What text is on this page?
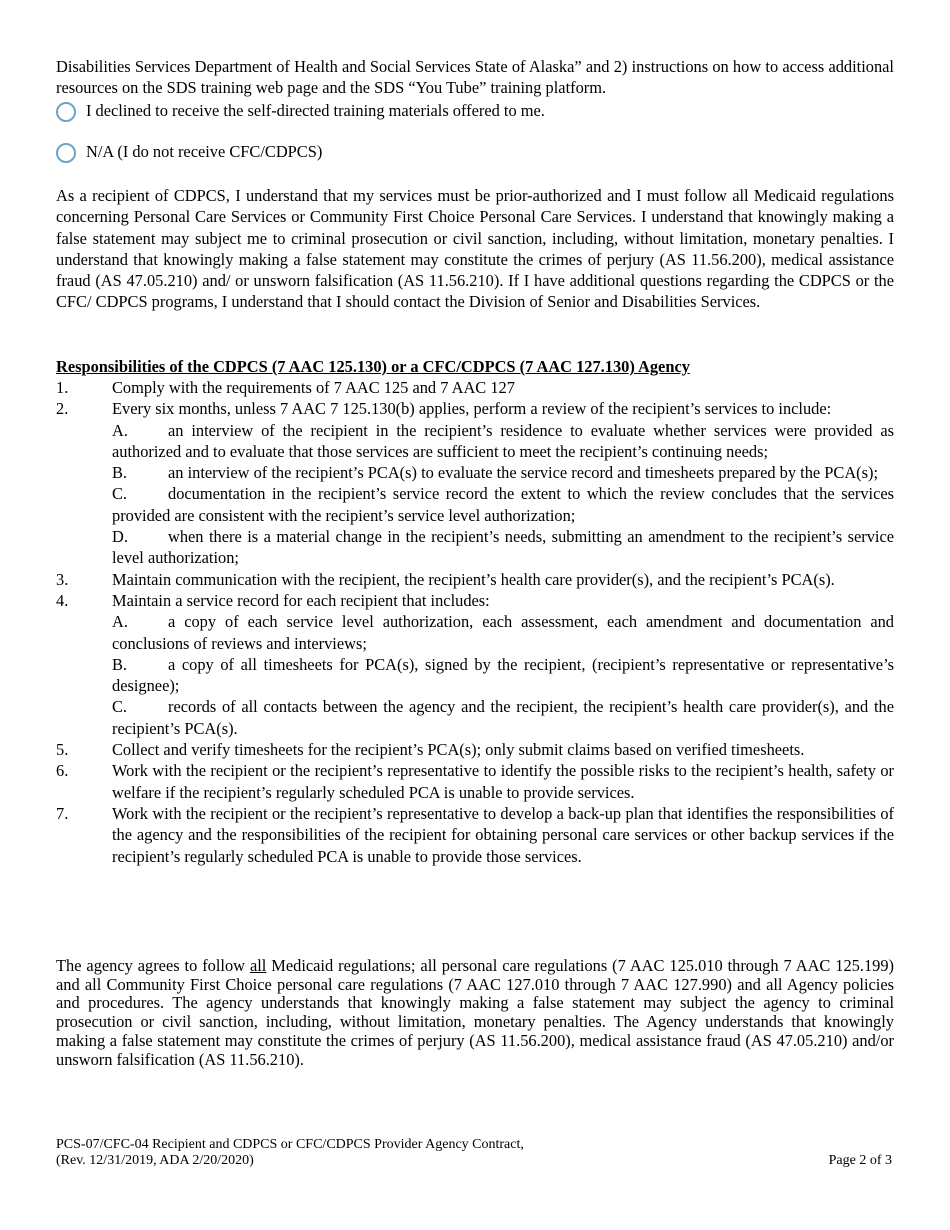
Disabilities Services Department of Health and Social Services State of Alaska” and 2) instructions on how to access additional resources on the SDS training web page and the SDS “You Tube” training platform.

I declined to receive the self-directed training materials offered to me.
N/A (I do not receive CFC/CDPCS)

As a recipient of CDPCS, I understand that my services must be prior-authorized and I must follow all Medicaid regulations concerning Personal Care Services or Community First Choice Personal Care Services. I understand that knowingly making a false statement may subject me to criminal prosecution or civil sanction, including, without limitation, monetary penalties. I understand that knowingly making a false statement may constitute the crimes of perjury (AS 11.56.200), medical assistance fraud (AS 47.05.210) and/ or unsworn falsification (AS 11.56.210). If I have additional questions regarding the CDPCS or the CFC/ CDPCS programs, I understand that I should contact the Division of Senior and Disabilities Services.

Responsibilities of the CDPCS (7 AAC 125.130) or a CFC/CDPCS (7 AAC 127.130) Agency
1.	Comply with the requirements of 7 AAC 125 and 7 AAC 127
2.	Every six months, unless 7 AAC 7 125.130(b) applies, perform a review of the recipient’s services to include:
A. an interview of the recipient in the recipient’s residence to evaluate whether services were provided as authorized and to evaluate that those services are sufficient to meet the recipient’s continuing needs;
B. an interview of the recipient’s PCA(s) to evaluate the service record and timesheets prepared by the PCA(s);
C. documentation in the recipient’s service record the extent to which the review concludes that the services provided are consistent with the recipient’s service level authorization;
D. when there is a material change in the recipient’s needs, submitting an amendment to the recipient’s service level authorization;
3.	Maintain communication with the recipient, the recipient’s health care provider(s), and the recipient’s PCA(s).
4.	Maintain a service record for each recipient that includes:
A. a copy of each service level authorization, each assessment, each amendment and documentation and conclusions of reviews and interviews;
B. a copy of all timesheets for PCA(s), signed by the recipient, (recipient’s representative or representative’s designee);
C. records of all contacts between the agency and the recipient, the recipient’s health care provider(s), and the recipient’s PCA(s).
5.	Collect and verify timesheets for the recipient’s PCA(s); only submit claims based on verified timesheets.
6.	Work with the recipient or the recipient’s representative to identify the possible risks to the recipient’s health, safety or welfare if the recipient’s regularly scheduled PCA is unable to provide services.
7.	Work with the recipient or the recipient’s representative to develop a back-up plan that identifies the responsibilities of the agency and the responsibilities of the recipient for obtaining personal care services or other backup services if the recipient’s regularly scheduled PCA is unable to provide those services.

The agency agrees to follow all Medicaid regulations; all personal care regulations (7 AAC 125.010 through 7 AAC 125.199) and all Community First Choice personal care regulations (7 AAC 127.010 through 7 AAC 127.990) and all Agency policies and procedures. The agency understands that knowingly making a false statement may subject the agency to criminal prosecution or civil sanction, including, without limitation, monetary penalties. The Agency understands that knowingly making a false statement may constitute the crimes of perjury (AS 11.56.200), medical assistance fraud (AS 47.05.210) and/or unsworn falsification (AS 11.56.210).

PCS-07/CFC-04 Recipient and CDPCS or CFC/CDPCS Provider Agency Contract,
(Rev. 12/31/2019, ADA 2/20/2020)	Page 2 of 3
